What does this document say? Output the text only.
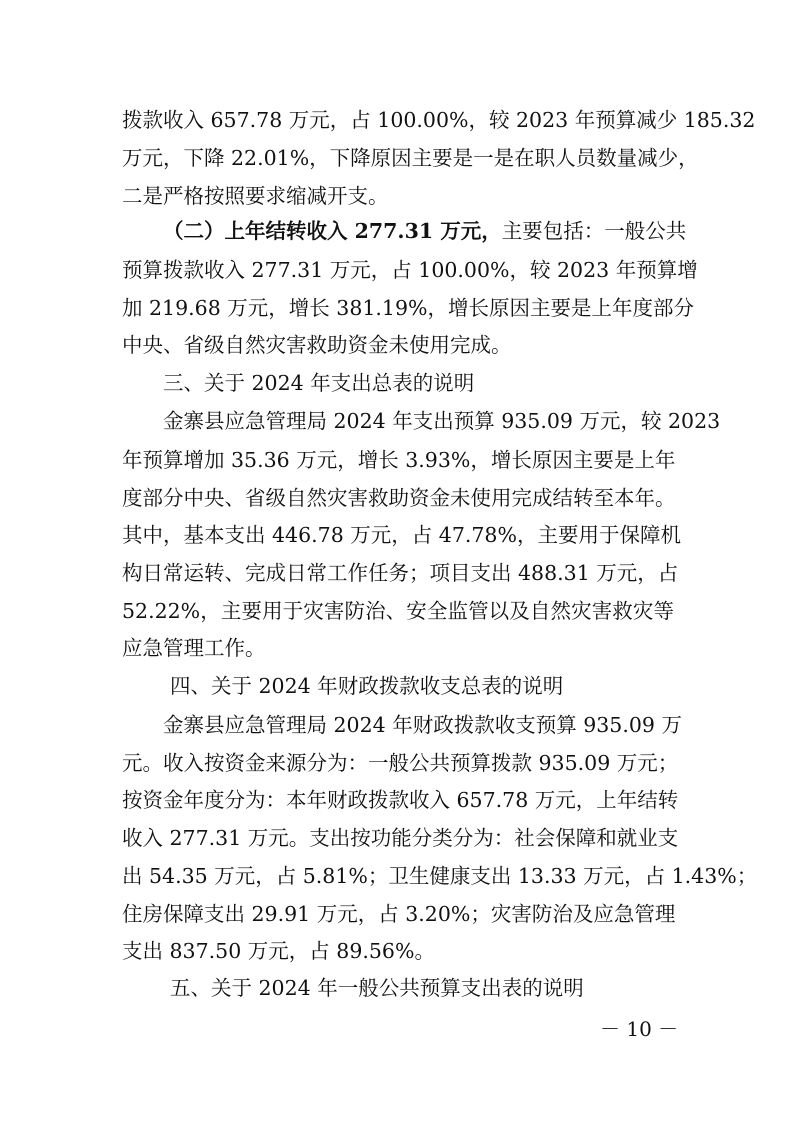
拨款收入 657.78 万元，占 100.00%，较 2023 年预算减少 185.32
万元，下降 22.01%，下降原因主要是一是在职人员数量减少，
二是严格按照要求缩减开支。
（二）上年结转收入 277.31 万元，主要包括：一般公共
预算拨款收入 277.31 万元，占 100.00%，较 2023 年预算增
加 219.68 万元，增长 381.19%，增长原因主要是上年度部分
中央、省级自然灾害救助资金未使用完成。
三、关于 2024 年支出总表的说明
金寨县应急管理局 2024 年支出预算 935.09 万元，较 2023
年预算增加 35.36 万元，增长 3.93%，增长原因主要是上年
度部分中央、省级自然灾害救助资金未使用完成结转至本年。
其中，基本支出 446.78 万元，占 47.78%，主要用于保障机
构日常运转、完成日常工作任务；项目支出 488.31 万元，占
52.22%，主要用于灾害防治、安全监管以及自然灾害救灾等
应急管理工作。
四、关于 2024 年财政拨款收支总表的说明
金寨县应急管理局 2024 年财政拨款收支预算 935.09 万
元。收入按资金来源分为：一般公共预算拨款 935.09 万元；
按资金年度分为：本年财政拨款收入 657.78 万元，上年结转
收入 277.31 万元。支出按功能分类分为：社会保障和就业支
出 54.35 万元，占 5.81%；卫生健康支出 13.33 万元，占 1.43%；
住房保障支出 29.91 万元，占 3.20%；灾害防治及应急管理
支出 837.50 万元，占 89.56%。
五、关于 2024 年一般公共预算支出表的说明
－ 10 －
